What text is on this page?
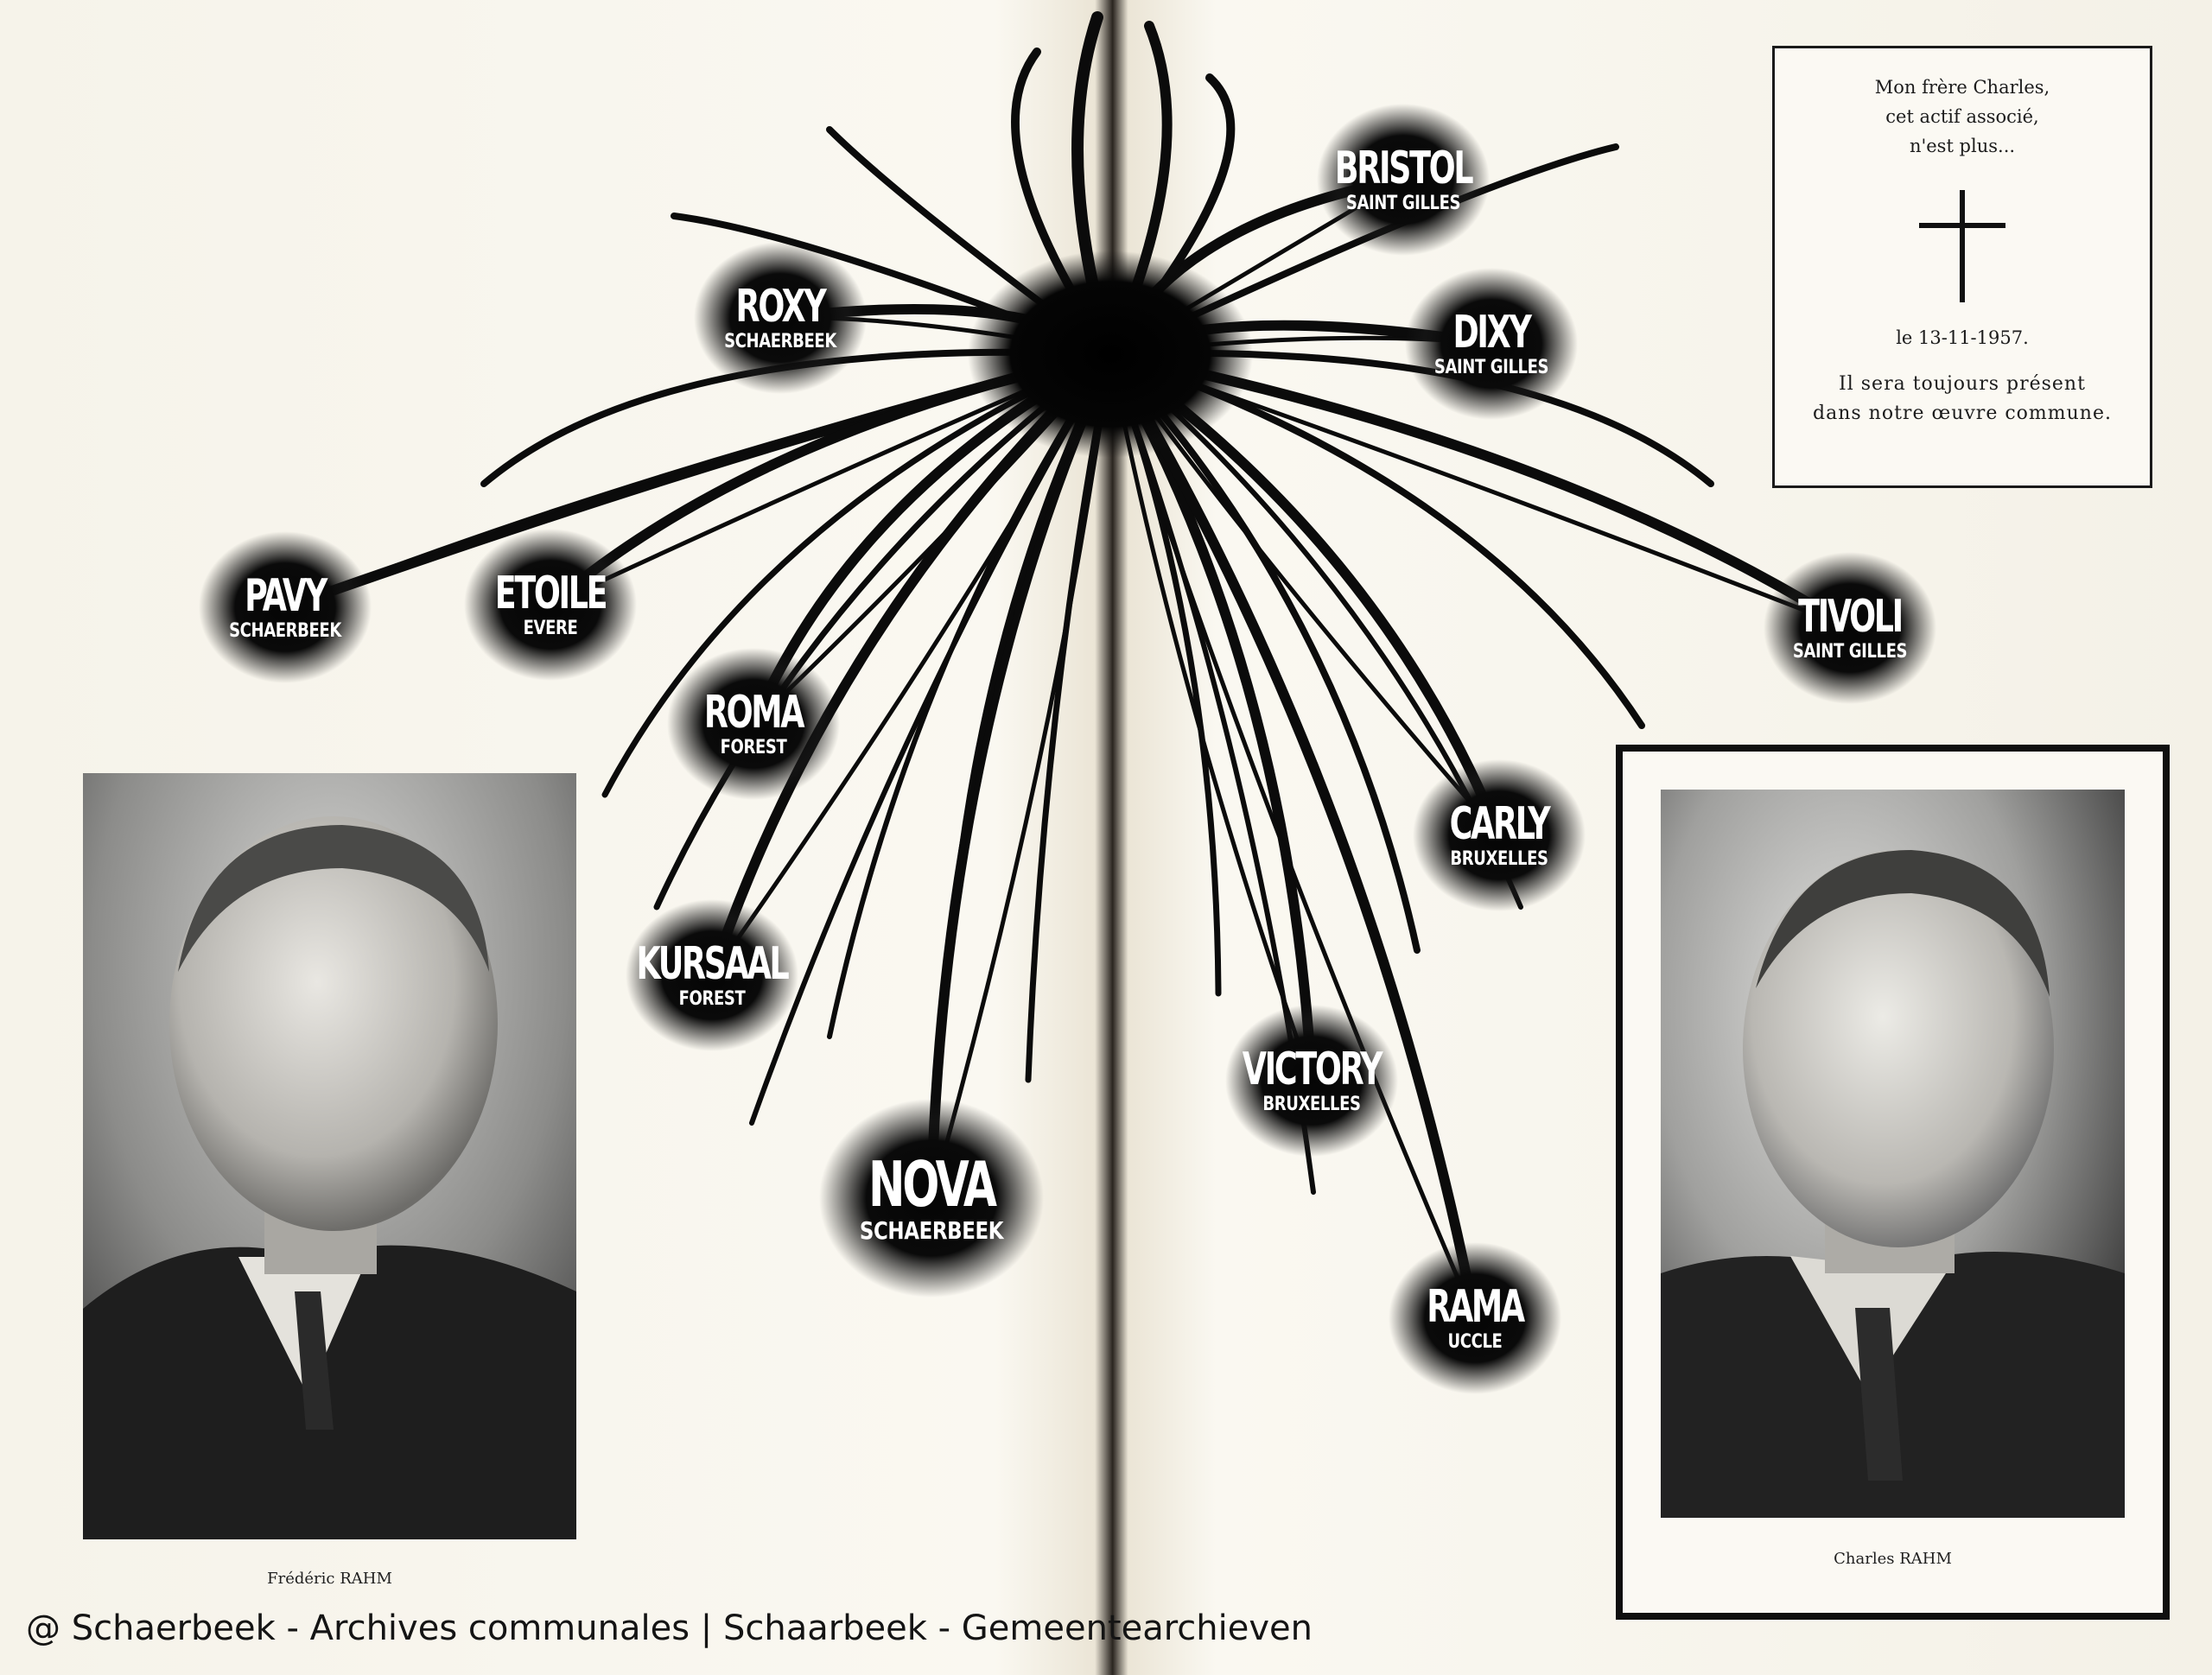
BRISTOL
SAINT GILLES
ROXY
SCHAERBEEK	DIXY
SAINT GILLES
PAVY
SCHAERBEEK
ETOILE
EVERE	TIVOLI
SAINT GILLES
ROMA
FOREST
CARLY
BRUXELLES
KURSAAL
FOREST
VICTORY
BRUXELLES
NOVA
SCHAERBEEK
RAMA
UCCLE
Mon frère Charles,
cet actif associé,
n'est plus...
le 13-11-1957.
Il sera toujours présent
dans notre œuvre commune.
Frédéric RAHM
Charles RAHM
@ Schaerbeek - Archives communales | Schaarbeek - Gemeentearchieven
